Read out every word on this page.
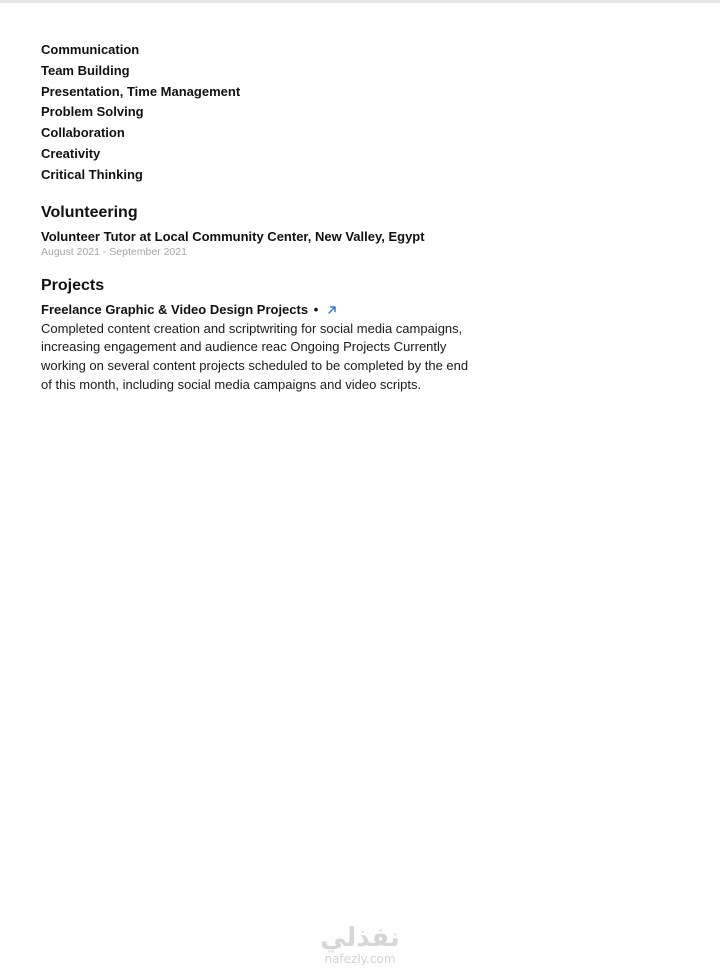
Communication
Team Building
Presentation, Time Management
Problem Solving
Collaboration
Creativity
Critical Thinking
Volunteering
Volunteer Tutor at Local Community Center, New Valley, Egypt
August 2021 - September 2021
Projects
Freelance Graphic & Video Design Projects •

Completed content creation and scriptwriting for social media campaigns, increasing engagement and audience reac Ongoing Projects Currently working on several content projects scheduled to be completed by the end of this month, including social media campaigns and video scripts.

نفذلي
nafezly.com
